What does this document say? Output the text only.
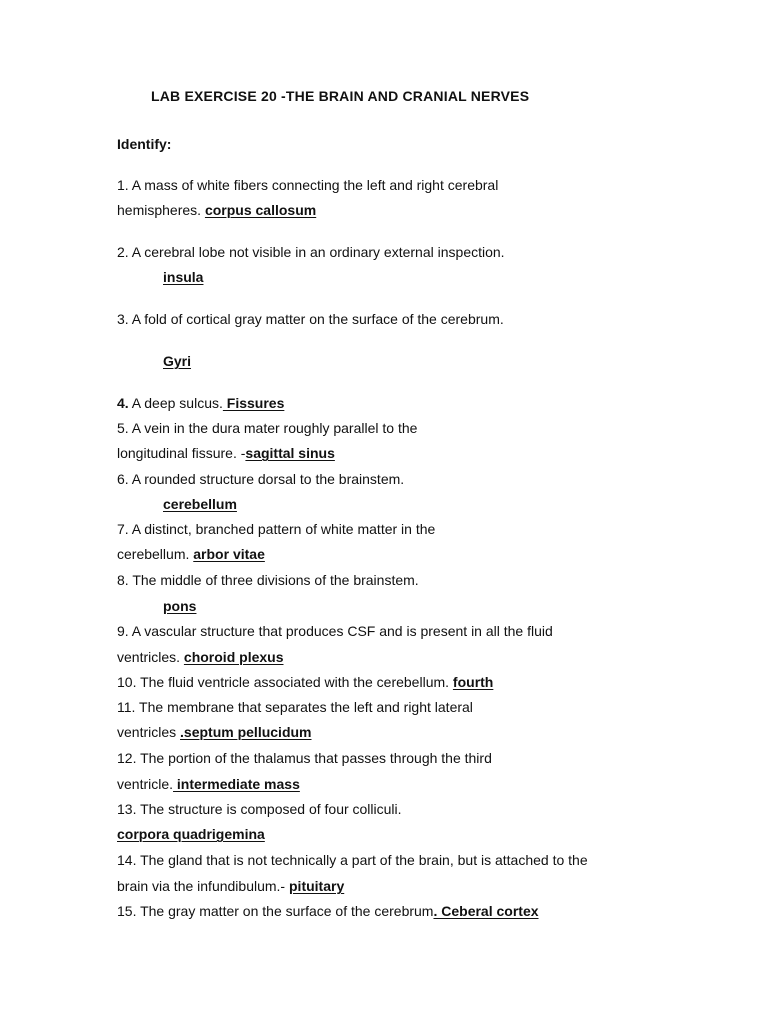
LAB EXERCISE 20 -THE BRAIN AND CRANIAL NERVES
Identify:
1. A mass of white fibers connecting the left and right cerebral
hemispheres. corpus callosum
2. A cerebral lobe not visible in an ordinary external inspection.
insula
3. A fold of cortical gray matter on the surface of the cerebrum.
Gyri
4. A deep sulcus. Fissures
5. A vein in the dura mater roughly parallel to the
longitudinal fissure. -sagittal sinus
6. A rounded structure dorsal to the brainstem.
cerebellum
7. A distinct, branched pattern of white matter in the
cerebellum. arbor vitae
8. The middle of three divisions of the brainstem.
pons
9. A vascular structure that produces CSF and is present in all the fluid
ventricles. choroid plexus
10. The fluid ventricle associated with the cerebellum. fourth
11. The membrane that separates the left and right lateral
ventricles .septum pellucidum
12. The portion of the thalamus that passes through the third
ventricle. intermediate mass
13. The structure is composed of four colliculi.
corpora quadrigemina
14. The gland that is not technically a part of the brain, but is attached to the
brain via the infundibulum.- pituitary
15. The gray matter on the surface of the cerebrum. Ceberal cortex
